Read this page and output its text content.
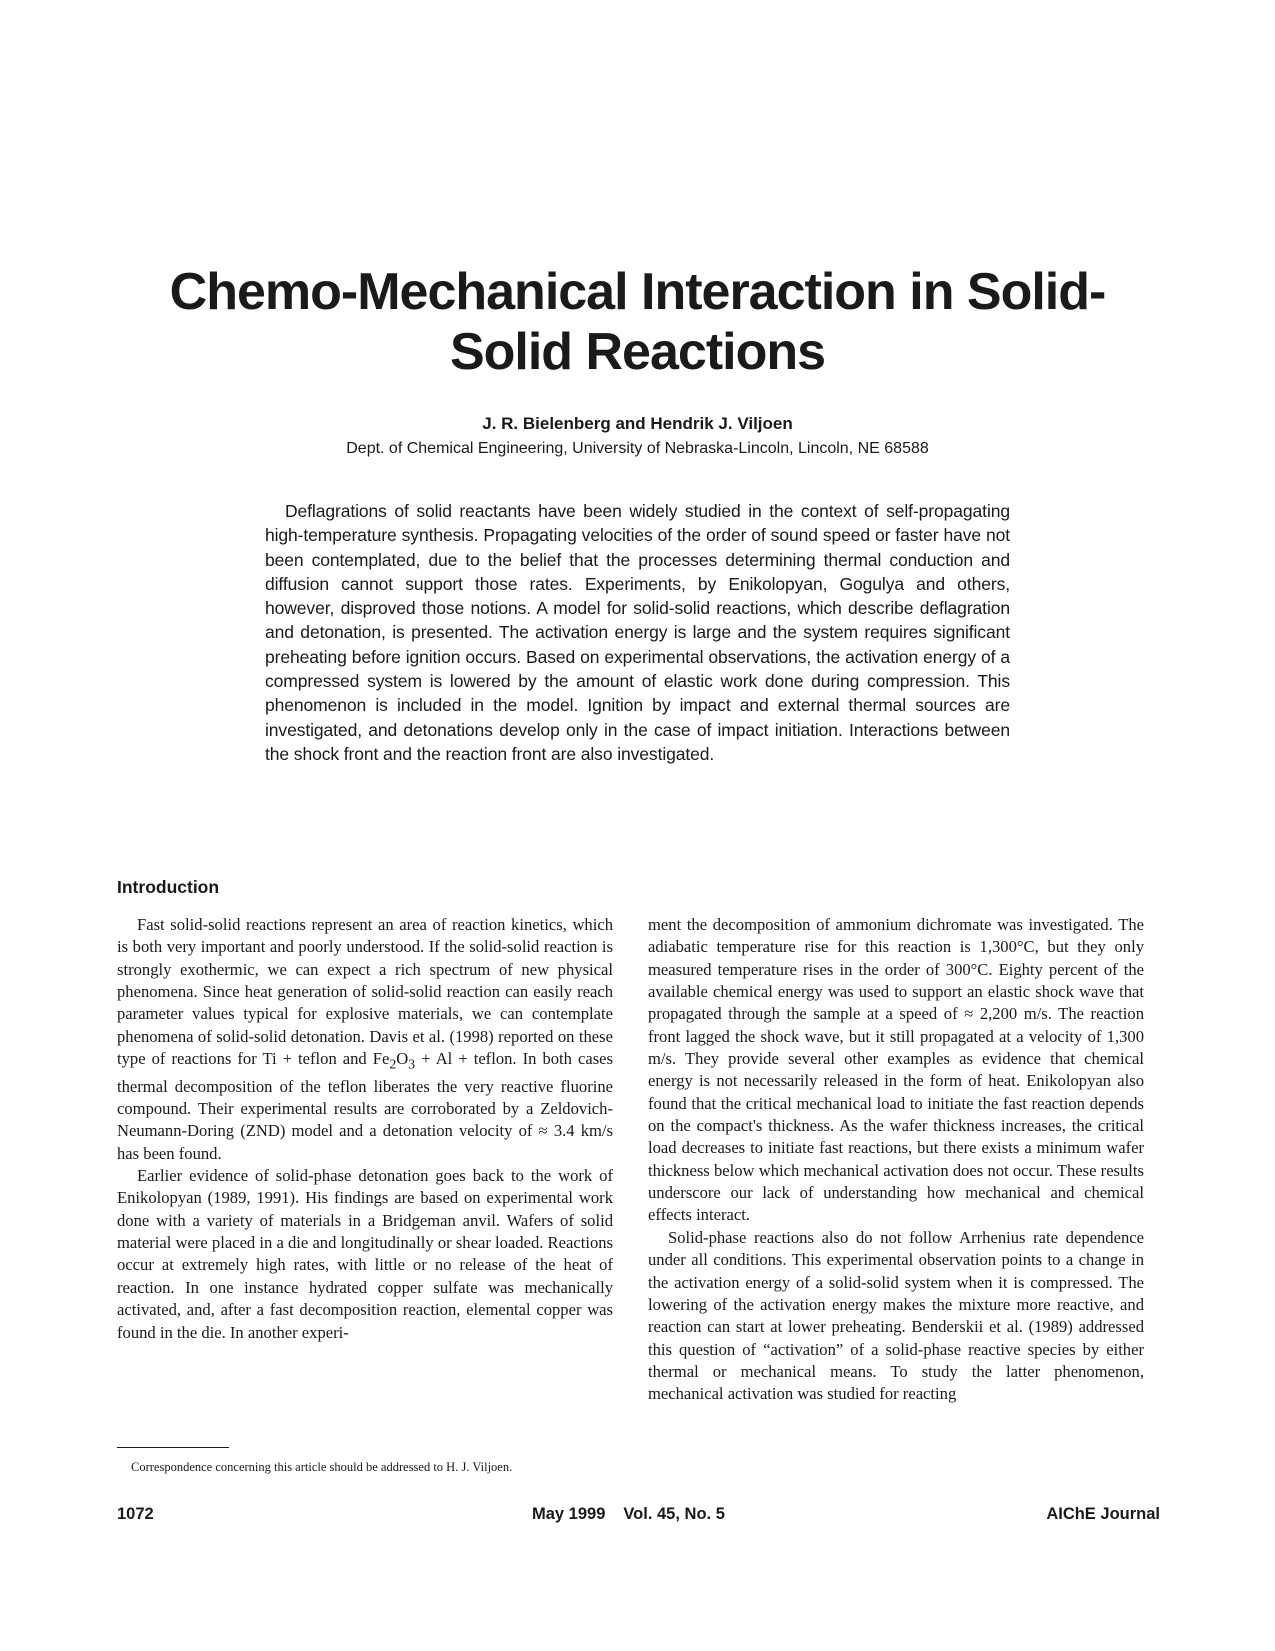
Chemo-Mechanical Interaction in Solid-Solid Reactions

J. R. Bielenberg and Hendrik J. Viljoen

Dept. of Chemical Engineering, University of Nebraska-Lincoln, Lincoln, NE 68588

Deflagrations of solid reactants have been widely studied in the context of self-propagating high-temperature synthesis. Propagating velocities of the order of sound speed or faster have not been contemplated, due to the belief that the processes determining thermal conduction and diffusion cannot support those rates. Experiments, by Enikolopyan, Gogulya and others, however, disproved those notions. A model for solid-solid reactions, which describe deflagration and detonation, is presented. The activation energy is large and the system requires significant preheating before ignition occurs. Based on experimental observations, the activation energy of a compressed system is lowered by the amount of elastic work done during compression. This phenomenon is included in the model. Ignition by impact and external thermal sources are investigated, and detonations develop only in the case of impact initiation. Interactions between the shock front and the reaction front are also investigated.

Introduction

Fast solid-solid reactions represent an area of reaction kinetics, which is both very important and poorly understood. If the solid-solid reaction is strongly exothermic, we can expect a rich spectrum of new physical phenomena. Since heat generation of solid-solid reaction can easily reach parameter values typical for explosive materials, we can contemplate phenomena of solid-solid detonation. Davis et al. (1998) reported on these type of reactions for Ti + teflon and $Fe_2O_3 + Al$ + teflon. In both cases thermal decomposition of the teflon liberates the very reactive fluorine compound. Their experimental results are corroborated by a Zeldovich-Neumann-Doring (ZND) model and a detonation velocity of ≈ 3.4 km/s has been found.

Earlier evidence of solid-phase detonation goes back to the work of Enikolopyan (1989, 1991). His findings are based on experimental work done with a variety of materials in a Bridgeman anvil. Wafers of solid material were placed in a die and longitudinally or shear loaded. Reactions occur at extremely high rates, with little or no release of the heat of reaction. In one instance hydrated copper sulfate was mechanically activated, and, after a fast decomposition reaction, elemental copper was found in the die. In another experi-

ment the decomposition of ammonium dichromate was investigated. The adiabatic temperature rise for this reaction is 1,300°C, but they only measured temperature rises in the order of 300°C. Eighty percent of the available chemical energy was used to support an elastic shock wave that propagated through the sample at a speed of ≈ 2,200 m/s. The reaction front lagged the shock wave, but it still propagated at a velocity of 1,300 m/s. They provide several other examples as evidence that chemical energy is not necessarily released in the form of heat. Enikolopyan also found that the critical mechanical load to initiate the fast reaction depends on the compact's thickness. As the wafer thickness increases, the critical load decreases to initiate fast reactions, but there exists a minimum wafer thickness below which mechanical activation does not occur. These results underscore our lack of understanding how mechanical and chemical effects interact.

Solid-phase reactions also do not follow Arrhenius rate dependence under all conditions. This experimental observation points to a change in the activation energy of a solid-solid system when it is compressed. The lowering of the activation energy makes the mixture more reactive, and reaction can start at lower preheating. Benderskii et al. (1989) addressed this question of “activation” of a solid-phase reactive species by either thermal or mechanical means. To study the latter phenomenon, mechanical activation was studied for reacting

Correspondence concerning this article should be addressed to H. J. Viljoen.

1072	May 1999 Vol. 45, No. 5	AIChE Journal
